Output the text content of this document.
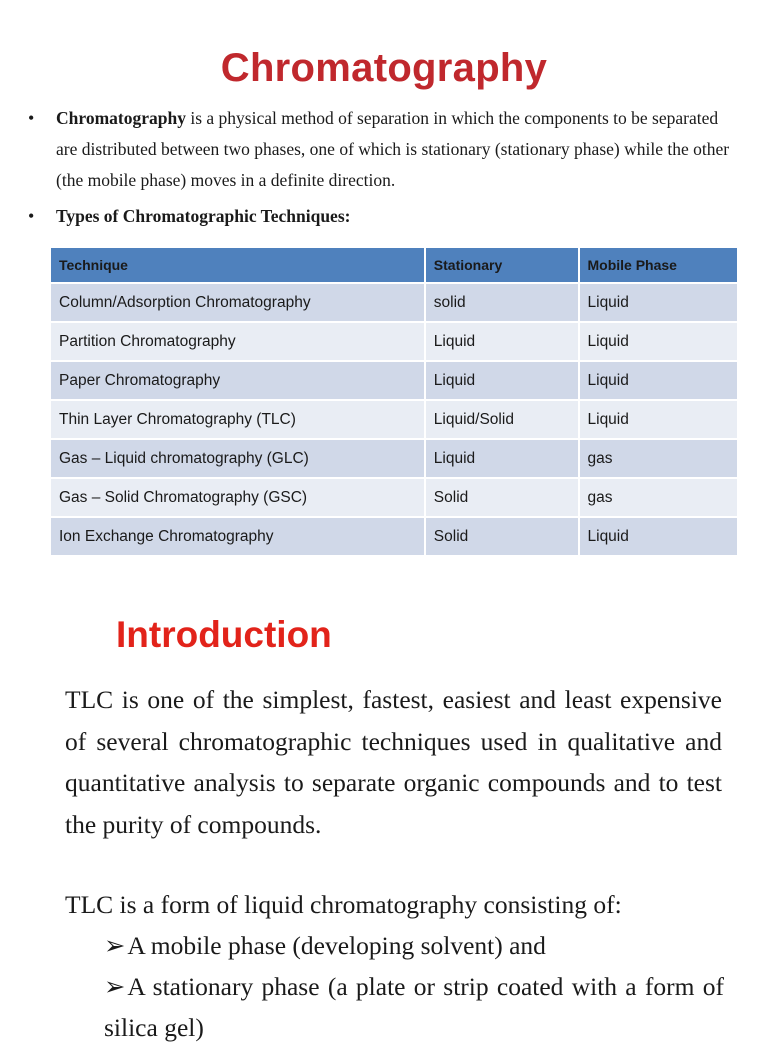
Chromatography
• Chromatography is a physical method of separation in which the components to be separated are distributed between two phases, one of which is stationary (stationary phase) while the other (the mobile phase) moves in a definite direction.
• Types of Chromatographic Techniques:
Technique	Stationary	Mobile Phase
Column/Adsorption Chromatography	solid	Liquid
Partition Chromatography	Liquid	Liquid
Paper Chromatography	Liquid	Liquid
Thin Layer Chromatography (TLC)	Liquid/Solid	Liquid
Gas – Liquid chromatography (GLC)	Liquid	gas
Gas – Solid Chromatography (GSC)	Solid	gas
Ion Exchange Chromatography	Solid	Liquid
Introduction
TLC is one of the simplest, fastest, easiest and least expensive of several chromatographic techniques used in qualitative and quantitative analysis to separate organic compounds and to test the purity of compounds.
TLC is a form of liquid chromatography consisting of:
➢A mobile phase (developing solvent) and
➢A stationary phase (a plate or strip coated with a form of silica gel)
